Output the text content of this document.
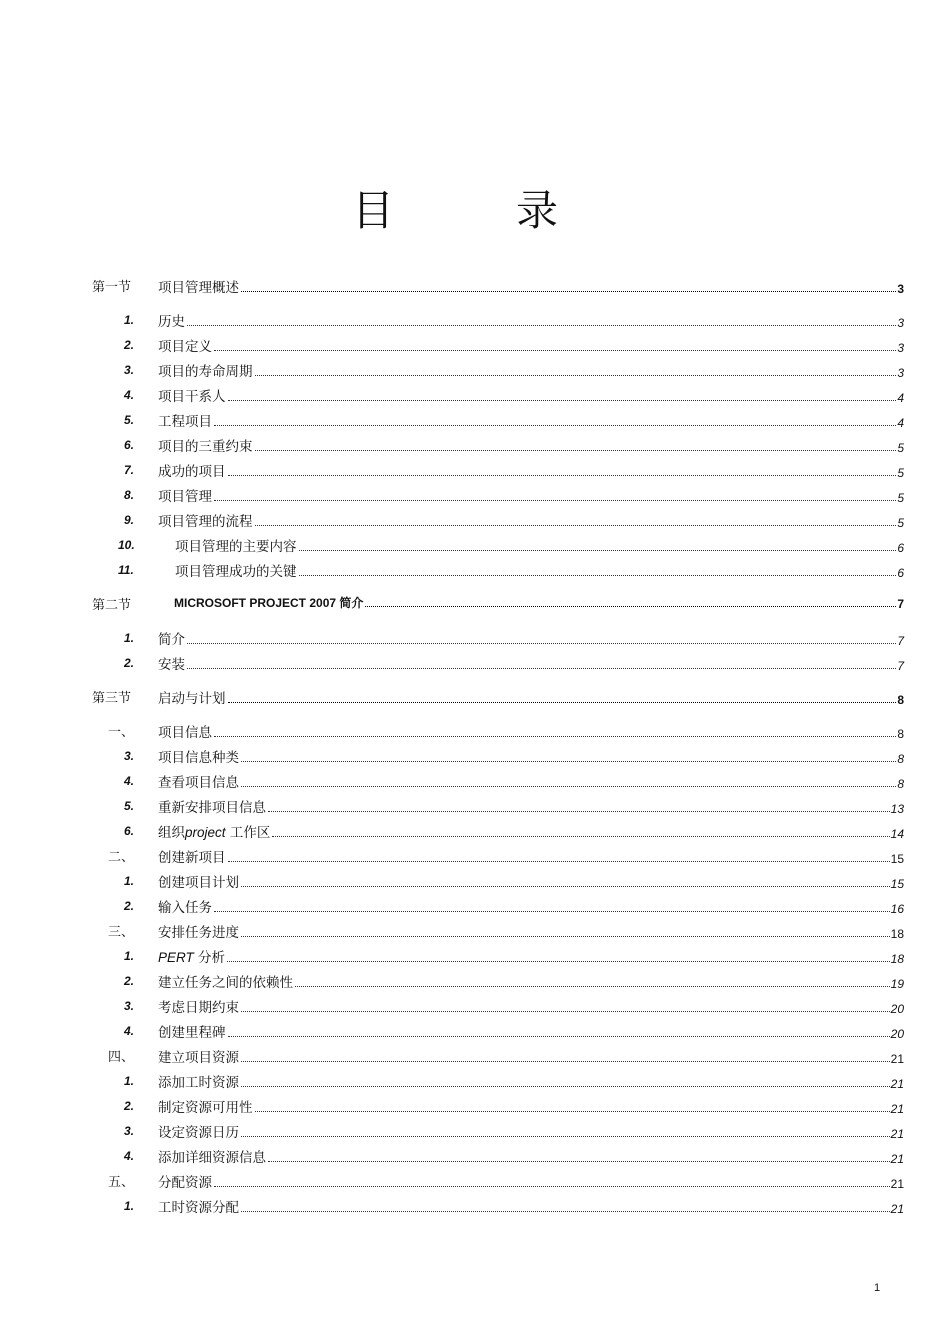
目　录
第一节 项目管理概述	3
1. 历史	3
2. 项目定义	3
3. 项目的寿命周期	3
4. 项目干系人	4
5. 工程项目	4
6. 项目的三重约束	5
7. 成功的项目	5
8. 项目管理	5
9. 项目管理的流程	5
10.	项目管理的主要内容	6
11.	项目管理成功的关键	6
第二节	MICROSOFT PROJECT 2007 简介	7
1. 简介	7
2. 安装	7
第三节 启动与计划	8
一、 项目信息	8
3. 项目信息种类	8
4. 查看项目信息	8
5. 重新安排项目信息	13
6. 组织project 工作区	14
二、 创建新项目	15
1. 创建项目计划	15
2. 输入任务	16
三、 安排任务进度	18
1. PERT 分析	18
2. 建立任务之间的依赖性	19
3. 考虑日期约束	20
4. 创建里程碑	20
四、 建立项目资源	21
1. 添加工时资源	21
2. 制定资源可用性	21
3. 设定资源日历	21
4. 添加详细资源信息	21
五、 分配资源	21
1. 工时资源分配	21
1
